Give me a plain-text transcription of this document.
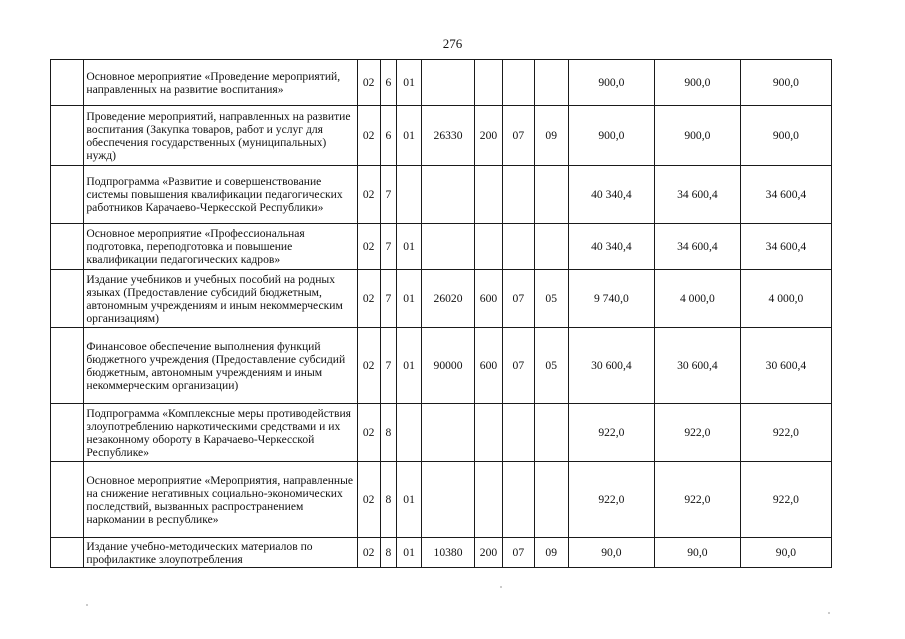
276
	Основное мероприятие «Проведение мероприятий, направленных на развитие воспитания»	02	6	01					900,0	900,0	900,0
	Проведение мероприятий, направленных на развитие воспитания (Закупка товаров, работ и услуг для обеспечения государственных (муниципальных) нужд)	02	6	01	26330	200	07	09	900,0	900,0	900,0
	Подпрограмма «Развитие и совершенствование системы повышения квалификации педагогических работников Карачаево-Черкесской Республики»	02	7						40 340,4	34 600,4	34 600,4
	Основное мероприятие «Профессиональная подготовка, переподготовка и повышение квалификации педагогических кадров»	02	7	01					40 340,4	34 600,4	34 600,4
	Издание учебников и учебных пособий на родных языках (Предоставление субсидий бюджетным, автономным учреждениям и иным некоммерческим организациям)	02	7	01	26020	600	07	05	9 740,0	4 000,0	4 000,0
	Финансовое обеспечение выполнения функций бюджетного учреждения (Предоставление субсидий бюджетным, автономным учреждениям и иным некоммерческим организации)	02	7	01	90000	600	07	05	30 600,4	30 600,4	30 600,4
	Подпрограмма «Комплексные меры противодействия злоупотреблению наркотическими средствами и их незаконному обороту в Карачаево-Черкесской Республике»	02	8						922,0	922,0	922,0
	Основное мероприятие «Мероприятия, направленные на снижение негативных социально-экономических последствий, вызванных распространением наркомании в республике»	02	8	01					922,0	922,0	922,0
	Издание учебно-методических материалов по профилактике злоупотребления	02	8	01	10380	200	07	09	90,0	90,0	90,0
